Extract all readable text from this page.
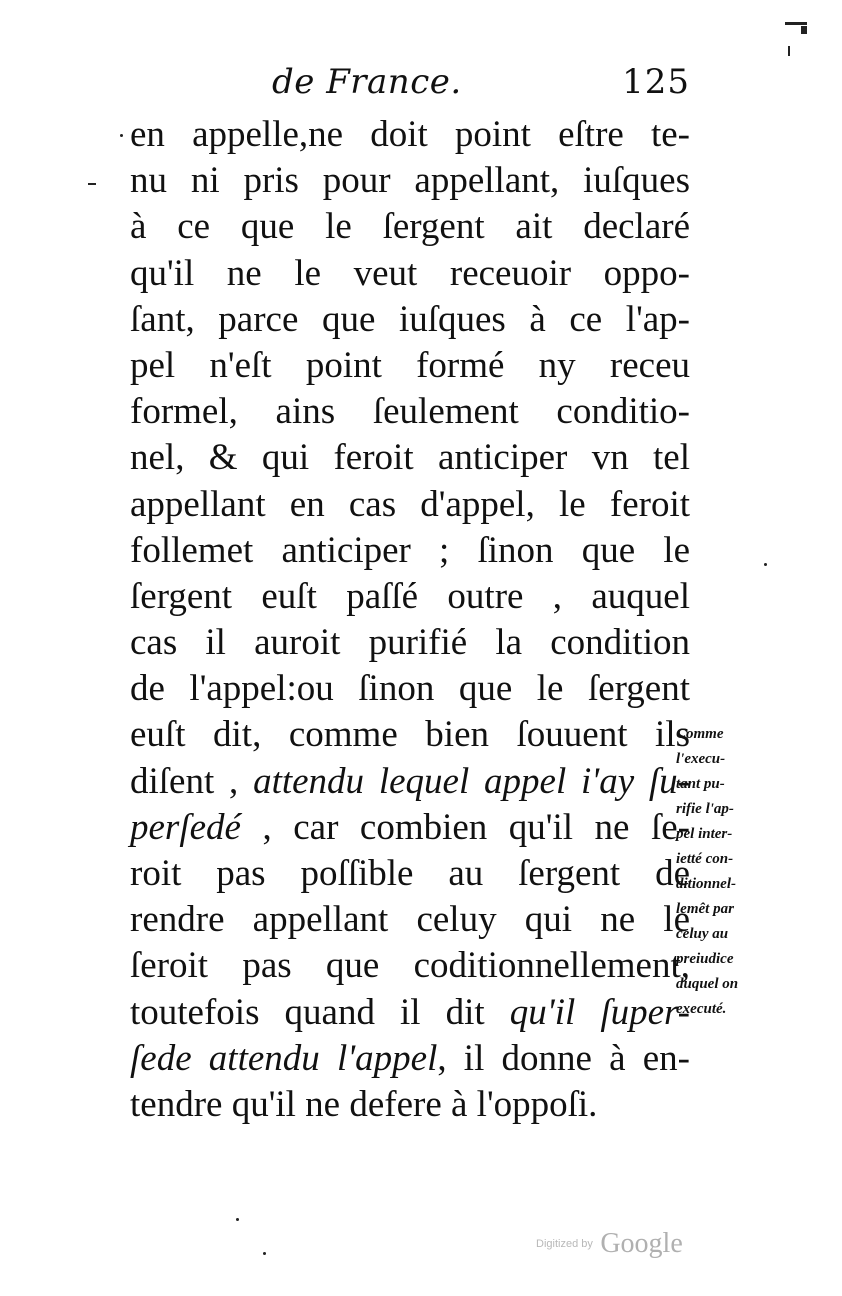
de France.	125
en appelle,ne doit point eſtre te-
nu ni pris pour appellant, iuſques
à ce que le ſergent ait declaré
qu'il ne le veut receuoir oppo-
ſant, parce que iuſques à ce l'ap-
pel n'eſt point formé ny receu
formel, ains ſeulement conditio-
nel, & qui feroit anticiper vn tel
appellant en cas d'appel, le feroit
follemet anticiper ; ſinon que le
ſergent euſt paſſé outre , auquel
cas il auroit purifié la condition
de l'appel:ou ſinon que le ſergent
euſt dit, comme bien ſouuent ils
diſent , attendu lequel appel i'ay ſu-
perſedé , car combien qu'il ne ſe-
roit pas poſſible au ſergent de
rendre appellant celuy qui ne le
ſeroit pas que coditionnellement,
toutefois quand il dit qu'il ſuper-
ſede attendu l'appel, il donne à en-
tendre qu'il ne defere à l'oppoſi.
Comme
l'execu-
tant pu-
rifie l'ap-
pel inter-
ietté con-
ditionnel-
lemêt par
celuy au
preiudice
duquel on
executé.
Digitized by Google
